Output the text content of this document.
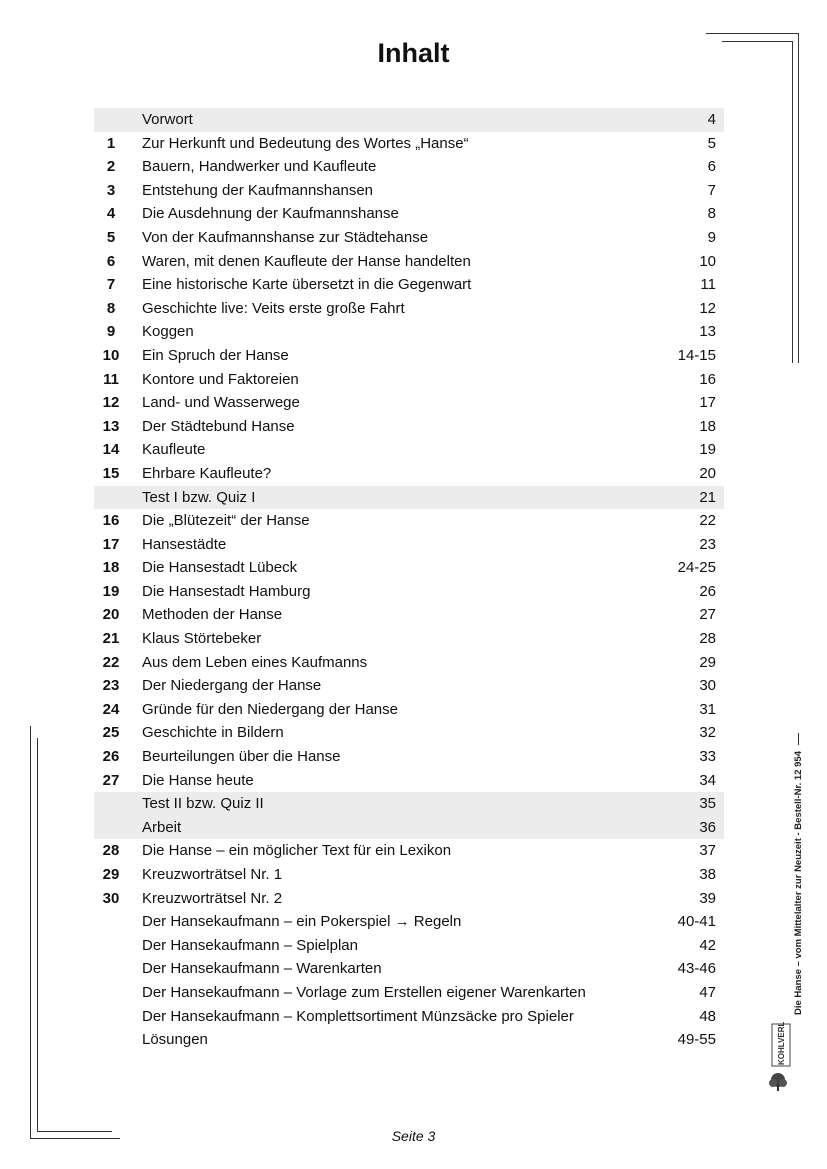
Inhalt
Vorwort	4
1	Zur Herkunft und Bedeutung des Wortes „Hanse“	5
2	Bauern, Handwerker und Kaufleute	6
3	Entstehung der Kaufmannshansen	7
4	Die Ausdehnung der Kaufmannshanse	8
5	Von der Kaufmannshanse zur Städtehanse	9
6	Waren, mit denen Kaufleute der Hanse handelten	10
7	Eine historische Karte übersetzt in die Gegenwart	11
8	Geschichte live: Veits erste große Fahrt	12
9	Koggen	13
10	Ein Spruch der Hanse	14-15
11	Kontore und Faktoreien	16
12	Land- und Wasserwege	17
13	Der Städtebund Hanse	18
14	Kaufleute	19
15	Ehrbare Kaufleute?	20
Test I bzw. Quiz I	21
16	Die „Blütezeit“ der Hanse	22
17	Hansestädte	23
18	Die Hansestadt Lübeck	24-25
19	Die Hansestadt Hamburg	26
20	Methoden der Hanse	27
21	Klaus Störtebeker	28
22	Aus dem Leben eines Kaufmanns	29
23	Der Niedergang der Hanse	30
24	Gründe für den Niedergang der Hanse	31
25	Geschichte in Bildern	32
26	Beurteilungen über die Hanse	33
27	Die Hanse heute	34
Test II bzw. Quiz II	35
Arbeit	36
28	Die Hanse – ein möglicher Text für ein Lexikon	37
29	Kreuzworträtsel Nr. 1	38
30	Kreuzworträtsel Nr. 2	39
Der Hansekaufmann – ein Pokerspiel → Regeln	40-41
Der Hansekaufmann – Spielplan	42
Der Hansekaufmann – Warenkarten	43-46
Der Hansekaufmann – Vorlage zum Erstellen eigener Warenkarten	47
Der Hansekaufmann – Komplettsortiment Münzsäcke pro Spieler	48
Lösungen	49-55
Die Hanse – vom Mittelalter zur Neuzeit - Bestell-Nr. 12 954
KOHLVERLAG
Seite 3
